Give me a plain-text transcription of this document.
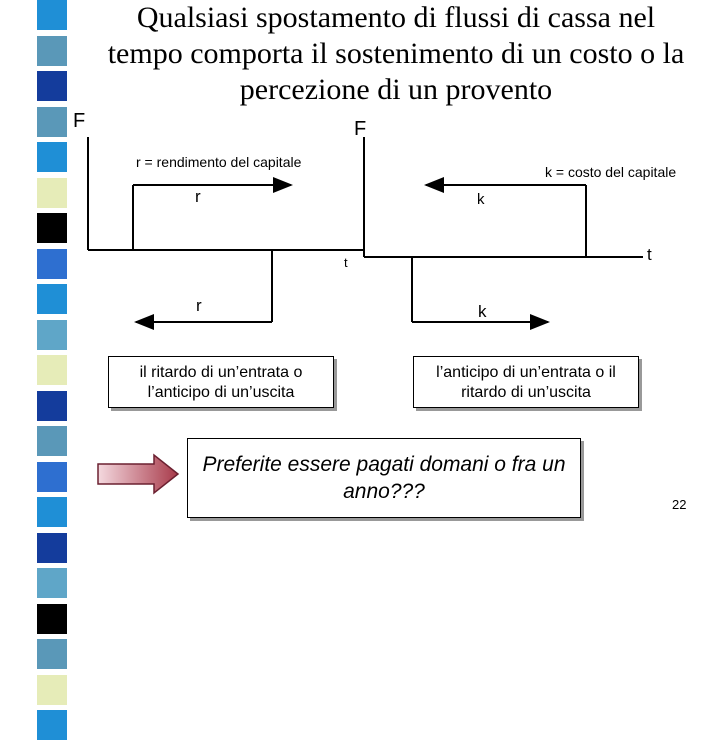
Qualsiasi spostamento di flussi di cassa nel tempo comporta il sostenimento di un costo o la percezione di un provento
F	F
r = rendimento del capitale
k = costo del capitale
r	k
t	t
r	k
il ritardo di un’entrata o l’anticipo di un’uscita
l’anticipo di un’entrata o il ritardo di un’uscita
Preferite essere pagati domani o fra un anno???
22
